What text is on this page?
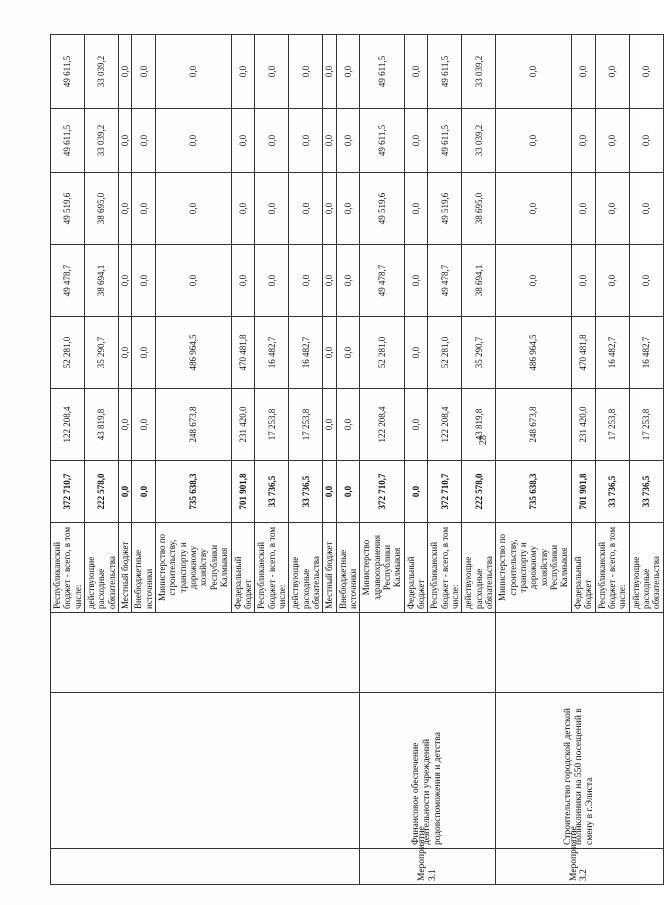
			Республиканский бюджет - всего, в том числе:	372 710,7	122 208,4	52 281,0	49 478,7	49 519,6	49 611,5	49 611,5
			действующие расходные обязательства	222 578,0	43 819,8	35 290,7	38 694,1	38 695,0	33 039,2	33 039,2
			Местный бюджет	0,0	0,0	0,0	0,0	0,0	0,0	0,0
			Внебюджетные источники	0,0	0,0	0,0	0,0	0,0	0,0	0,0
			Министерство по строительству, транспорту и дорожному хозяйству Республики Калмыкия	735 638,3	248 673,8	486 964,5	0,0	0,0	0,0	0,0
			Федеральный бюджет	701 901,8	231 420,0	470 481,8	0,0	0,0	0,0	0,0
			Республиканский бюджет - всего, в том числе:	33 736,5	17 253,8	16 482,7	0,0	0,0	0,0	0,0
			действующие расходные обязательства	33 736,5	17 253,8	16 482,7	0,0	0,0	0,0	0,0
			Местный бюджет	0,0	0,0	0,0	0,0	0,0	0,0	0,0
			Внебюджетные источники	0,0	0,0	0,0	0,0	0,0	0,0	0,0
Мероприятие 3.1	Финансовое обеспечение деятельности учреждений родовспоможения и детства		Министерство здравоохранения Республики Калмыкия	372 710,7	122 208,4	52 281,0	49 478,7	49 519,6	49 611,5	49 611,5
			Федеральный бюджет	0,0	0,0	0,0	0,0	0,0	0,0	0,0
			Республиканский бюджет - всего, в том числе:	372 710,7	122 208,4	52 281,0	49 478,7	49 519,6	49 611,5	49 611,5
			действующие расходные обязательства	222 578,0	43 819,8	35 290,7	38 694,1	38 695,0	33 039,2	33 039,2
Мероприятие 3.2	Строительство городской детской поликлиники на 550 посещений в смену в г.Элиста		Министерство по строительству, транспорту и дорожному хозяйству Республики Калмыкия	735 638,3	248 673,8	486 964,5	0,0	0,0	0,0	0,0
			Федеральный бюджет	701 901,8	231 420,0	470 481,8	0,0	0,0	0,0	0,0
			Республиканский бюджет - всего, в том числе:	33 736,5	17 253,8	16 482,7	0,0	0,0	0,0	0,0
			действующие расходные обязательства	33 736,5	17 253,8	16 482,7	0,0	0,0	0,0	0,0
28
